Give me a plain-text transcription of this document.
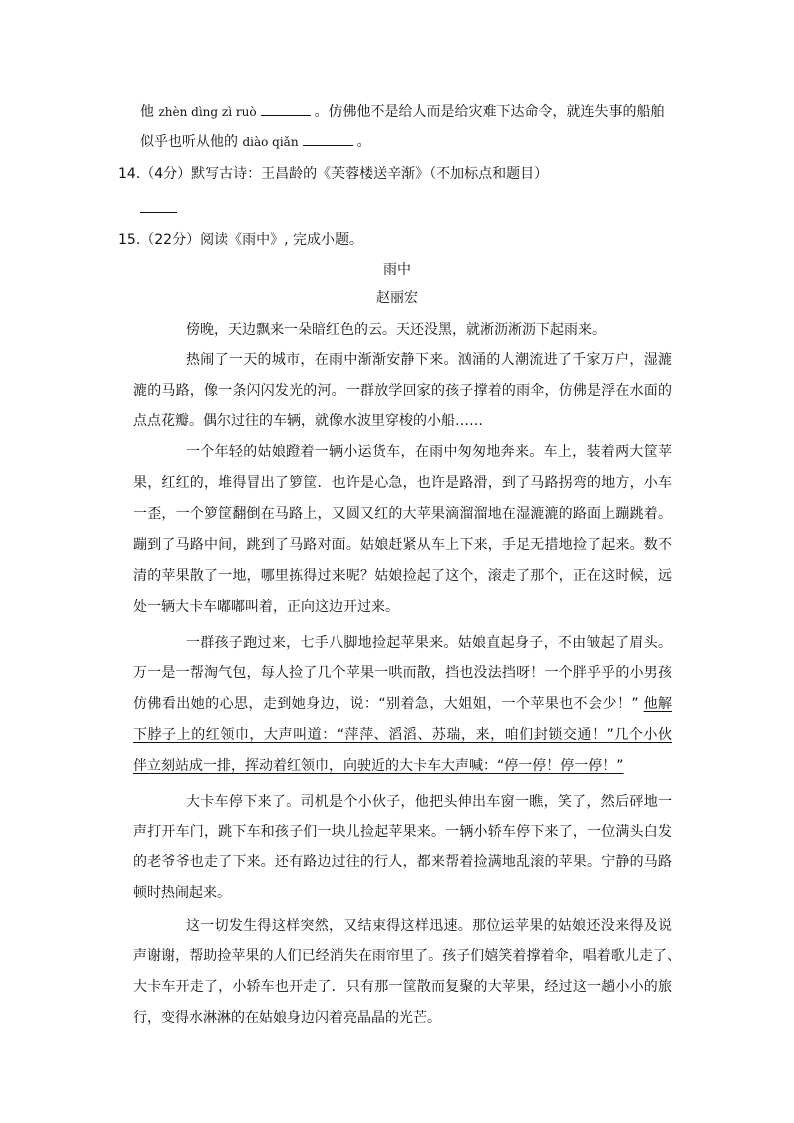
他 zhèn dìng zì ruò	。仿佛他不是给人而是给灾难下达命令，就连失事的船舶
似乎也听从他的 diào qiǎn	。
14.（4分）默写古诗：王昌龄的《芙蓉楼送辛渐》（不加标点和题目）
15.（22分）阅读《雨中》, 完成小题。
雨中
赵丽宏
傍晚，天边飘来一朵暗红色的云。天还没黑，就淅沥淅沥下起雨来。
热闹了一天的城市，在雨中渐渐安静下来。汹涌的人潮流进了千家万户，湿漉
漉的马路，像一条闪闪发光的河。一群放学回家的孩子撑着的雨伞，仿佛是浮在水面的
点点花瓣。偶尔过往的车辆，就像水波里穿梭的小船……
一个年轻的姑娘蹬着一辆小运货车，在雨中匆匆地奔来。车上，装着两大筐苹
果，红红的，堆得冒出了箩筐．也许是心急，也许是路滑，到了马路拐弯的地方，小车
一歪，一个箩筐翻倒在马路上，又圆又红的大苹果滴溜溜地在湿漉漉的路面上蹦跳着。
蹦到了马路中间，跳到了马路对面。姑娘赶紧从车上下来，手足无措地捡了起来。数不
清的苹果散了一地，哪里拣得过来呢？姑娘捡起了这个，滚走了那个，正在这时候，远
处一辆大卡车嘟嘟叫着，正向这边开过来。
一群孩子跑过来，七手八脚地捡起苹果来。姑娘直起身子，不由皱起了眉头。
万一是一帮淘气包，每人捡了几个苹果一哄而散，挡也没法挡呀！一个胖乎乎的小男孩
仿佛看出她的心思，走到她身边，说：“别着急，大姐姐，一个苹果也不会少！” 他解
下脖子上的红领巾，大声叫道：“萍萍、滔滔、苏瑞，来，咱们封锁交通！”几个小伙
伴立刻站成一排，挥动着红领巾，向驶近的大卡车大声喊：“停一停！停一停！”
大卡车停下来了。司机是个小伙子，他把头伸出车窗一瞧，笑了，然后砰地一
声打开车门，跳下车和孩子们一块儿捡起苹果来。一辆小轿车停下来了，一位满头白发
的老爷爷也走了下来。还有路边过往的行人，都来帮着捡满地乱滚的苹果。宁静的马路
顿时热闹起来。
这一切发生得这样突然，又结束得这样迅速。那位运苹果的姑娘还没来得及说
声谢谢，帮助捡苹果的人们已经消失在雨帘里了。孩子们嬉笑着撑着伞，唱着歌儿走了、
大卡车开走了，小轿车也开走了．只有那一筐散而复聚的大苹果，经过这一趟小小的旅
行，变得水淋淋的在姑娘身边闪着亮晶晶的光芒。
